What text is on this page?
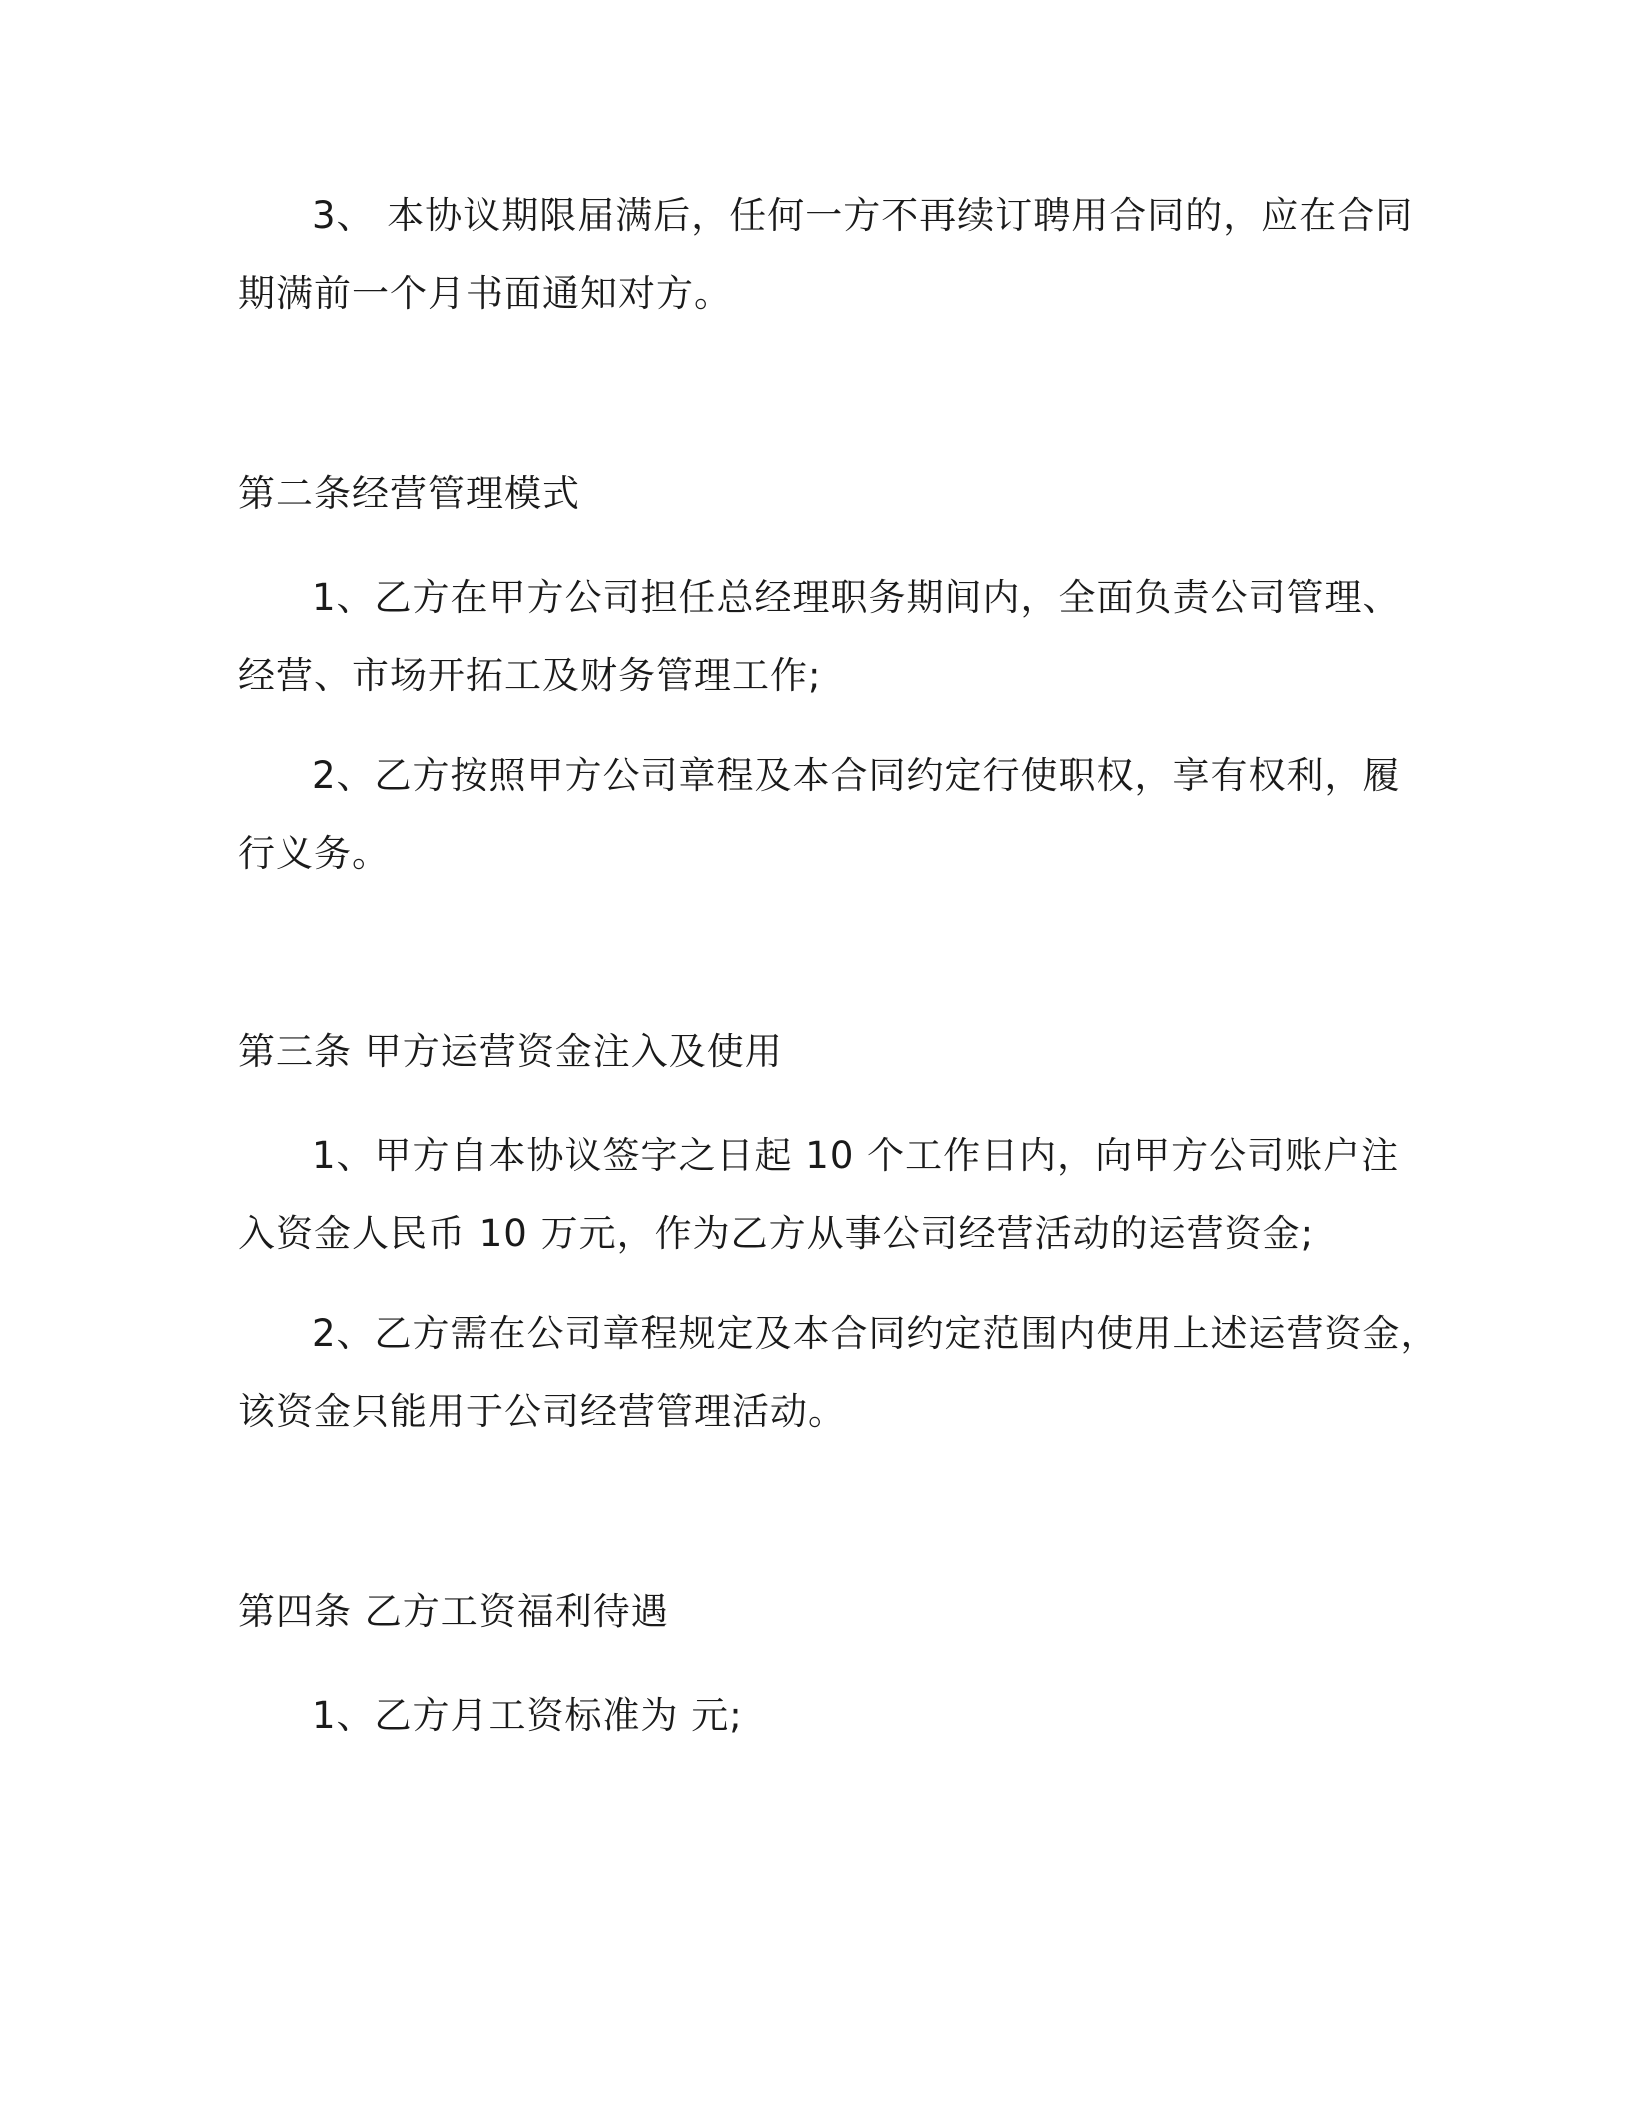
3、 本协议期限届满后，任何一方不再续订聘用合同的，应在合同
期满前一个月书面通知对方。
第二条经营管理模式
1、乙方在甲方公司担任总经理职务期间内，全面负责公司管理、
经营、市场开拓工及财务管理工作;
2、乙方按照甲方公司章程及本合同约定行使职权，享有权利，履
行义务。
第三条 甲方运营资金注入及使用
1、甲方自本协议签字之日起 10 个工作日内，向甲方公司账户注
入资金人民币 10 万元，作为乙方从事公司经营活动的运营资金;
2、乙方需在公司章程规定及本合同约定范围内使用上述运营资金，
该资金只能用于公司经营管理活动。
第四条 乙方工资福利待遇
1、乙方月工资标准为 元;
